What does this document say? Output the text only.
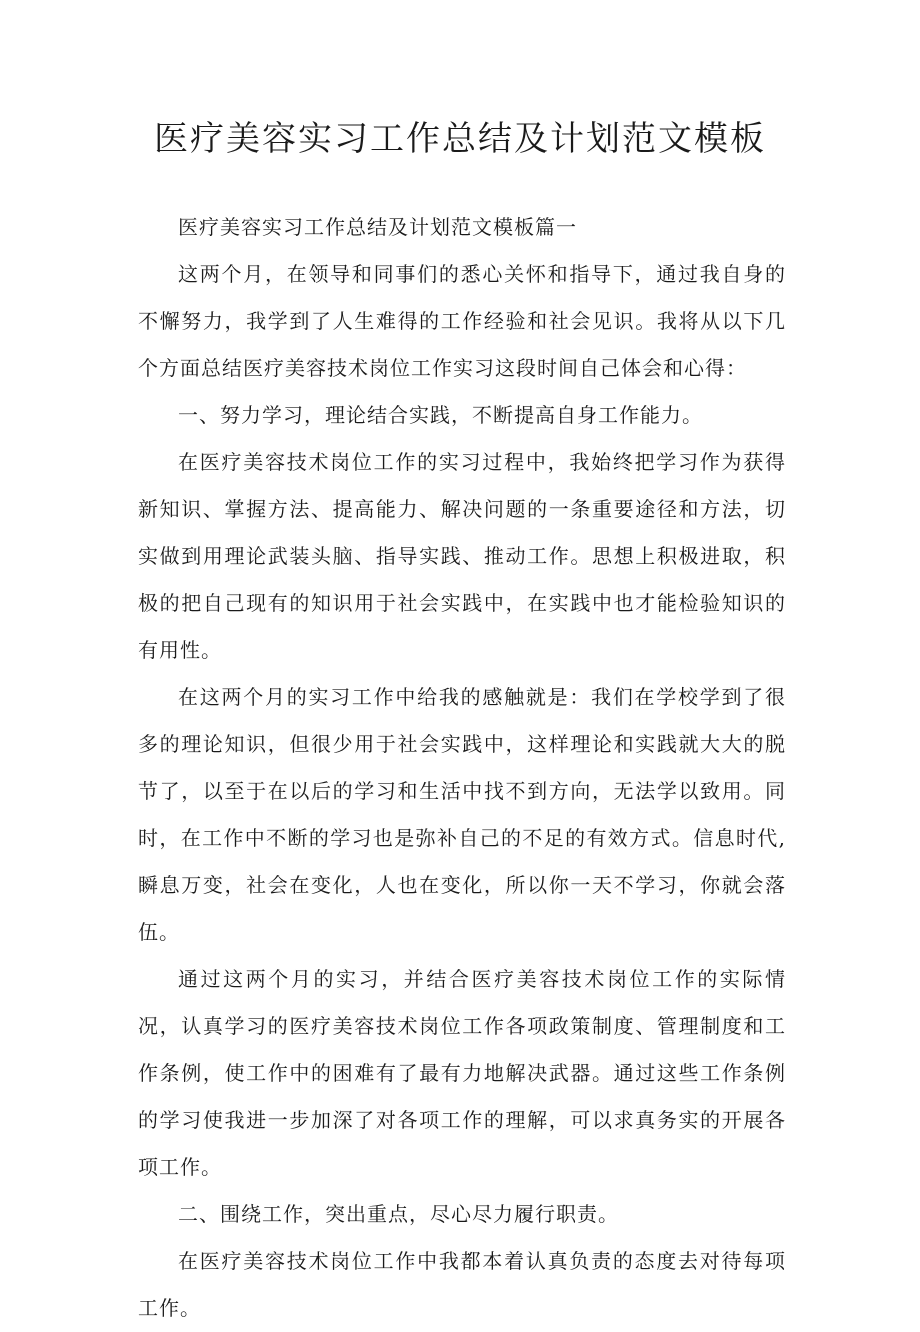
医疗美容实习工作总结及计划范文模板

医疗美容实习工作总结及计划范文模板篇一

这两个月，在领导和同事们的悉心关怀和指导下，通过我自身的不懈努力，我学到了人生难得的工作经验和社会见识。我将从以下几个方面总结医疗美容技术岗位工作实习这段时间自己体会和心得：

一、努力学习，理论结合实践，不断提高自身工作能力。

在医疗美容技术岗位工作的实习过程中，我始终把学习作为获得新知识、掌握方法、提高能力、解决问题的一条重要途径和方法，切实做到用理论武装头脑、指导实践、推动工作。思想上积极进取，积极的把自己现有的知识用于社会实践中，在实践中也才能检验知识的有用性。

在这两个月的实习工作中给我的感触就是：我们在学校学到了很多的理论知识，但很少用于社会实践中，这样理论和实践就大大的脱节了，以至于在以后的学习和生活中找不到方向，无法学以致用。同时，在工作中不断的学习也是弥补自己的不足的有效方式。信息时代,瞬息万变，社会在变化，人也在变化，所以你一天不学习，你就会落伍。

通过这两个月的实习，并结合医疗美容技术岗位工作的实际情况，认真学习的医疗美容技术岗位工作各项政策制度、管理制度和工作条例，使工作中的困难有了最有力地解决武器。通过这些工作条例的学习使我进一步加深了对各项工作的理解，可以求真务实的开展各项工作。

二、围绕工作，突出重点，尽心尽力履行职责。

在医疗美容技术岗位工作中我都本着认真负责的态度去对待每项工作。
